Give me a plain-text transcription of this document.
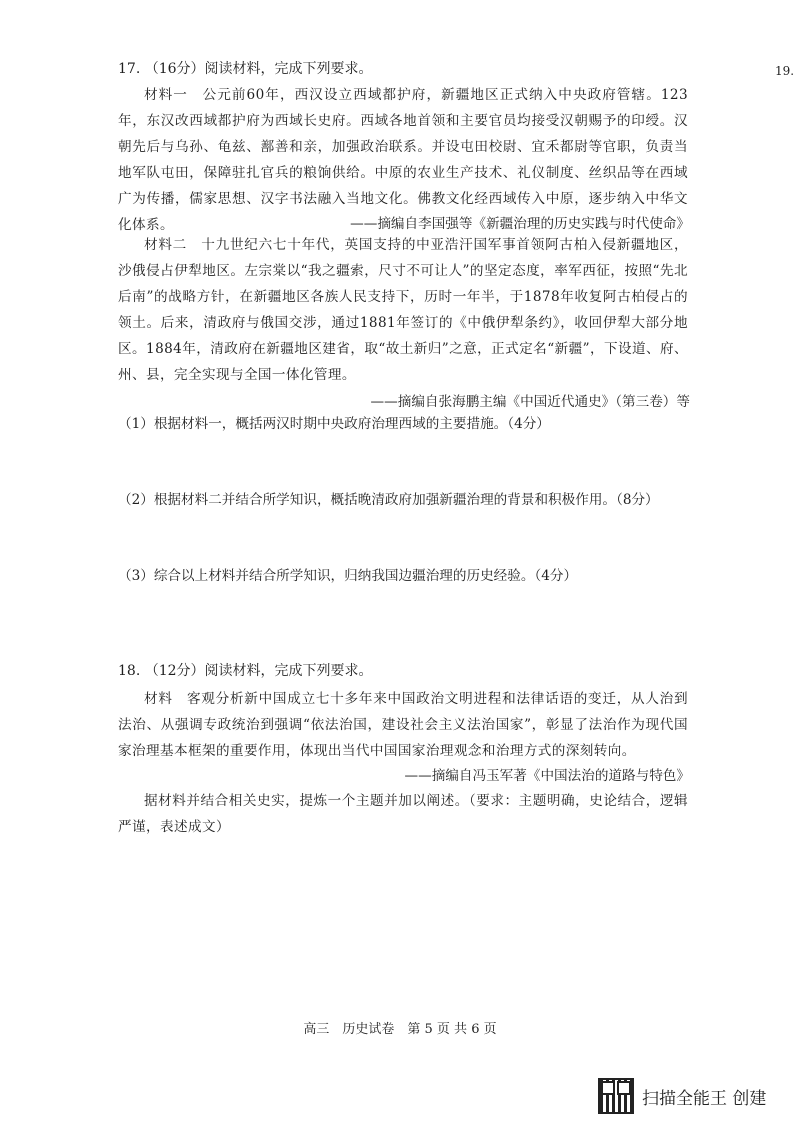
19.
17. （16分）阅读材料，完成下列要求。
材料一　公元前60年，西汉设立西域都护府，新疆地区正式纳入中央政府管辖。123年，东汉改西域都护府为西域长史府。西域各地首领和主要官员均接受汉朝赐予的印绶。汉朝先后与乌孙、龟兹、鄯善和亲，加强政治联系。并设屯田校尉、宜禾都尉等官职，负责当地军队屯田，保障驻扎官兵的粮饷供给。中原的农业生产技术、礼仪制度、丝织品等在西域广为传播，儒家思想、汉字书法融入当地文化。佛教文化经西域传入中原，逐步纳入中华文化体系。	——摘编自李国强等《新疆治理的历史实践与时代使命》
材料二　十九世纪六七十年代，英国支持的中亚浩汗国军事首领阿古柏入侵新疆地区，沙俄侵占伊犁地区。左宗棠以“我之疆索，尺寸不可让人”的坚定态度，率军西征，按照“先北后南”的战略方针，在新疆地区各族人民支持下，历时一年半，于1878年收复阿古柏侵占的领土。后来，清政府与俄国交涉，通过1881年签订的《中俄伊犁条约》，收回伊犁大部分地区。1884年，清政府在新疆地区建省，取“故土新归”之意，正式定名“新疆”，下设道、府、州、县，完全实现与全国一体化管理。
——摘编自张海鹏主编《中国近代通史》（第三卷）等
（1）根据材料一，概括两汉时期中央政府治理西域的主要措施。（4分）
（2）根据材料二并结合所学知识，概括晚清政府加强新疆治理的背景和积极作用。（8分）
（3）综合以上材料并结合所学知识，归纳我国边疆治理的历史经验。（4分）
18. （12分）阅读材料，完成下列要求。
材料　客观分析新中国成立七十多年来中国政治文明进程和法律话语的变迁，从人治到法治、从强调专政统治到强调“依法治国，建设社会主义法治国家”，彰显了法治作为现代国家治理基本框架的重要作用，体现出当代中国国家治理观念和治理方式的深刻转向。
——摘编自冯玉军著《中国法治的道路与特色》
据材料并结合相关史实，提炼一个主题并加以阐述。（要求：主题明确，史论结合，逻辑严谨，表述成文）
高三　历史试卷　第 5 页 共 6 页
扫描全能王 创建
